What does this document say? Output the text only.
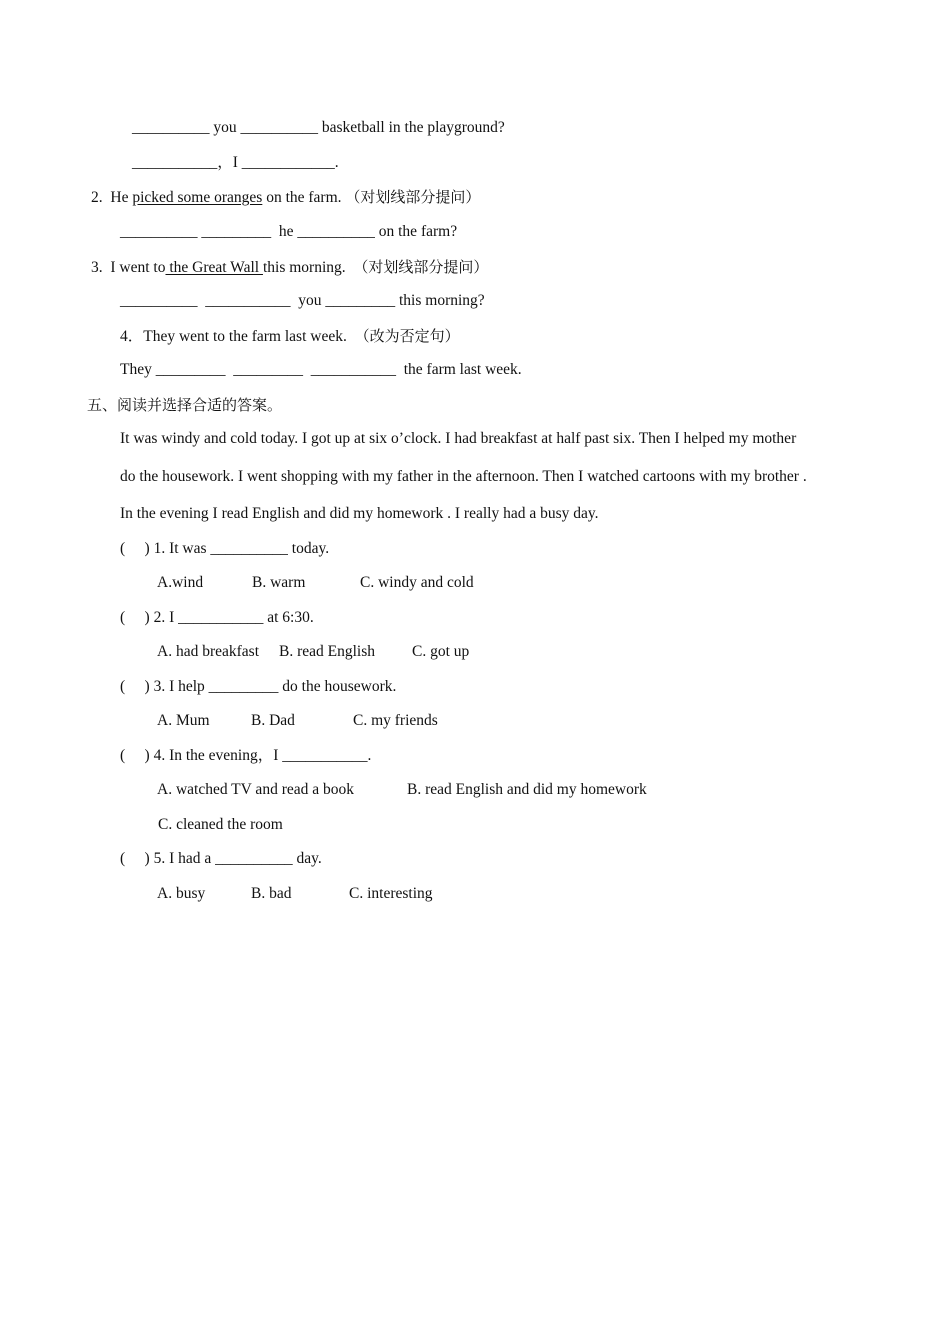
__________ you __________ basketball in the playground?
___________，I ____________.
2. He picked some oranges on the farm. （对划线部分提问）
__________ _________  he __________ on the farm?
3. I went to the Great Wall this morning. （对划线部分提问）
__________  ___________  you _________ this morning?
4．They went to the farm last week. （改为否定句）
They _________  _________  ___________  the farm last week.
五、阅读并选择合适的答案。
It was windy and cold today. I got up at six o’clock. I had breakfast at half past six. Then I helped my mother
do the housework. I went shopping with my father in the afternoon. Then I watched cartoons with my brother .
In the evening I read English and did my homework . I really had a busy day.
(     ) 1. It was __________ today.
A.wind	B. warm	C. windy and cold
(     ) 2. I ___________ at 6:30.
A. had breakfast B. read English C. got up
(     ) 3. I help _________ do the housework.
A. Mum	B. Dad	C. my friends
(     ) 4. In the evening，I ___________.
A. watched TV and read a book	B. read English and did my homework
C. cleaned the room
(     ) 5. I had a __________ day.
A. busy	B. bad	C. interesting
